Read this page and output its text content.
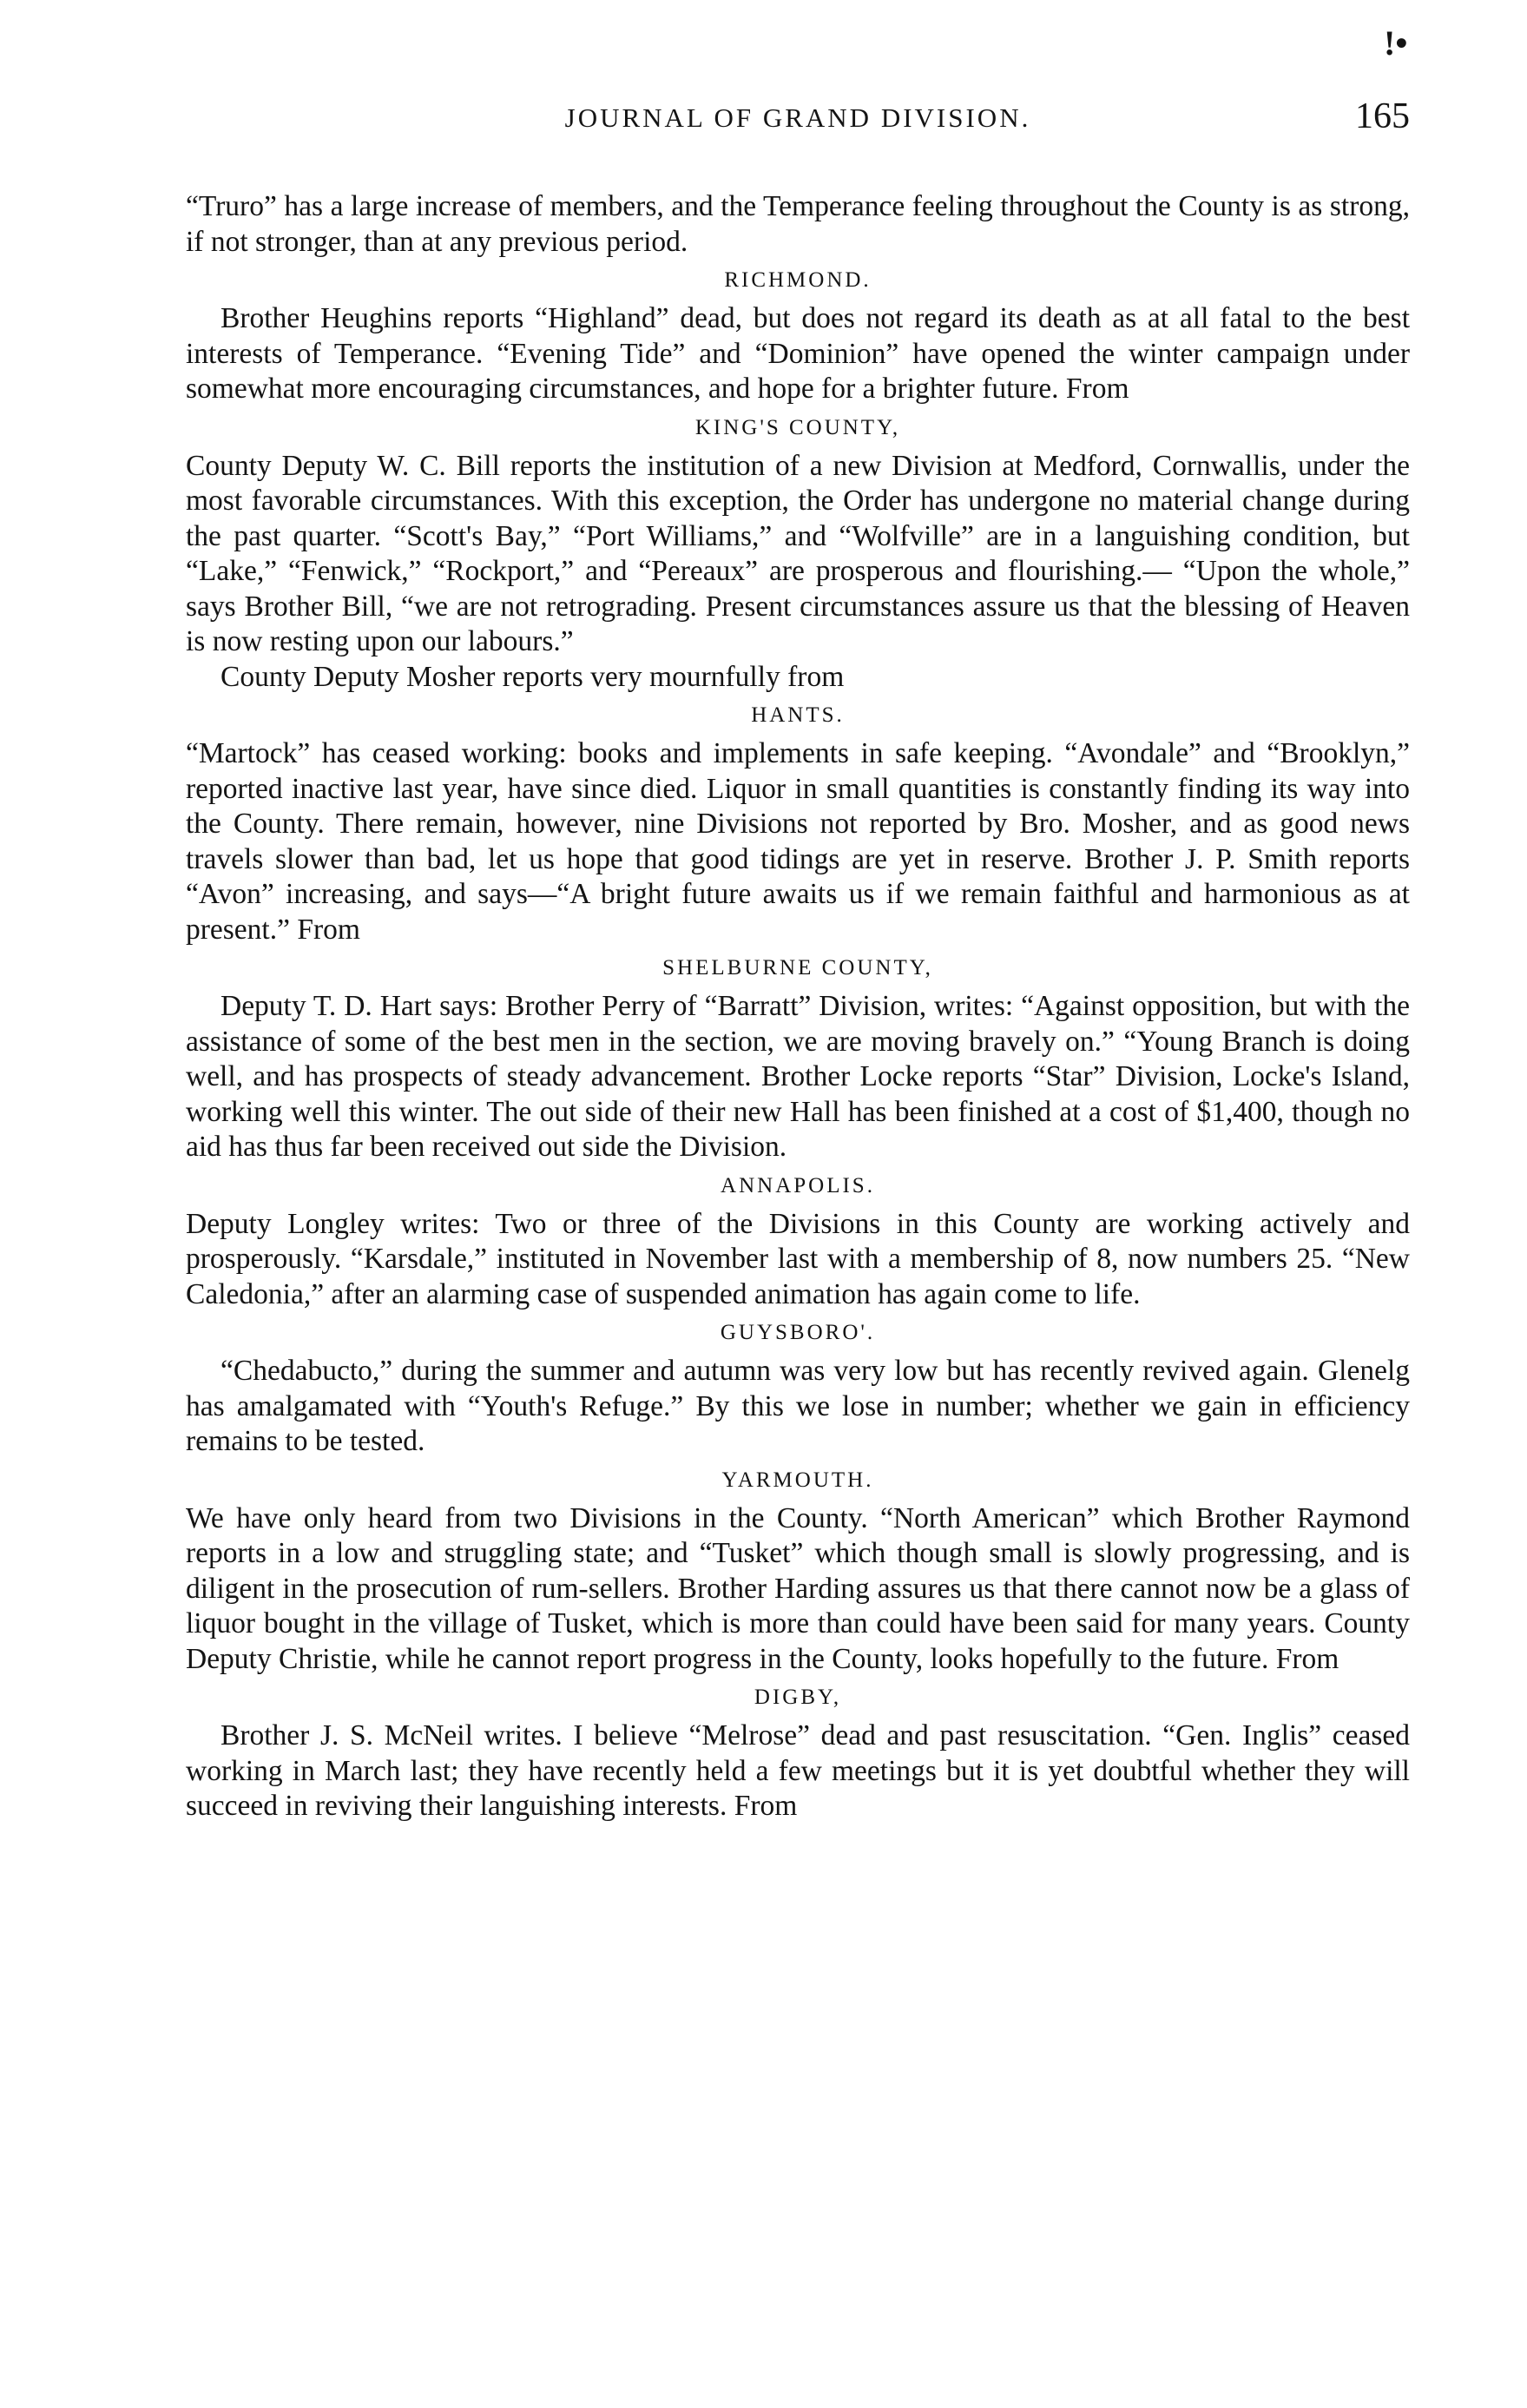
!•
JOURNAL OF GRAND DIVISION.	165

“Truro” has a large increase of members, and the Temperance feeling throughout the County is as strong, if not stronger, than at any previous period.

RICHMOND.

Brother Heughins reports “Highland” dead, but does not regard its death as at all fatal to the best interests of Temperance. “Evening Tide” and “Dominion” have opened the winter campaign under somewhat more encouraging circumstances, and hope for a brighter future. From

KING'S COUNTY,

County Deputy W. C. Bill reports the institution of a new Division at Medford, Cornwallis, under the most favorable circumstances. With this exception, the Order has undergone no material change during the past quarter. “Scott's Bay,” “Port Williams,” and “Wolfville” are in a languishing condition, but “Lake,” “Fenwick,” “Rockport,” and “Pereaux” are prosperous and flourishing.— “Upon the whole,” says Brother Bill, “we are not retrograding. Present circumstances assure us that the blessing of Heaven is now resting upon our labours.”

County Deputy Mosher reports very mournfully from

HANTS.

“Martock” has ceased working: books and implements in safe keeping. “Avondale” and “Brooklyn,” reported inactive last year, have since died. Liquor in small quantities is constantly finding its way into the County. There remain, however, nine Divisions not reported by Bro. Mosher, and as good news travels slower than bad, let us hope that good tidings are yet in reserve. Brother J. P. Smith reports “Avon” increasing, and says—“A bright future awaits us if we remain faithful and harmonious as at present.” From

SHELBURNE COUNTY,

Deputy T. D. Hart says: Brother Perry of “Barratt” Division, writes: “Against opposition, but with the assistance of some of the best men in the section, we are moving bravely on.” “Young Branch is doing well, and has prospects of steady advancement. Brother Locke reports “Star” Division, Locke's Island, working well this winter. The out side of their new Hall has been finished at a cost of $1,400, though no aid has thus far been received out side the Division.

ANNAPOLIS.

Deputy Longley writes: Two or three of the Divisions in this County are working actively and prosperously. “Karsdale,” instituted in November last with a membership of 8, now numbers 25. “New Caledonia,” after an alarming case of suspended animation has again come to life.

GUYSBORO'.

“Chedabucto,” during the summer and autumn was very low but has recently revived again. Glenelg has amalgamated with “Youth's Refuge.” By this we lose in number; whether we gain in efficiency remains to be tested.

YARMOUTH.

We have only heard from two Divisions in the County. “North American” which Brother Raymond reports in a low and struggling state; and “Tusket” which though small is slowly progressing, and is diligent in the prosecution of rum-sellers. Brother Harding assures us that there cannot now be a glass of liquor bought in the village of Tusket, which is more than could have been said for many years. County Deputy Christie, while he cannot report progress in the County, looks hopefully to the future. From

DIGBY,

Brother J. S. McNeil writes. I believe “Melrose” dead and past resuscitation. “Gen. Inglis” ceased working in March last; they have recently held a few meetings but it is yet doubtful whether they will succeed in reviving their languishing interests. From
